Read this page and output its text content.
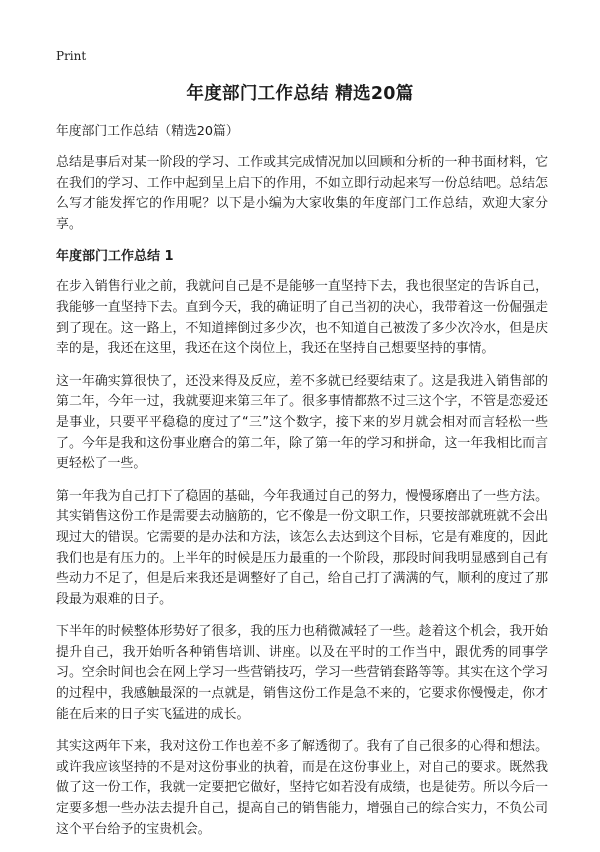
Print
年度部门工作总结 精选20篇

年度部门工作总结（精选20篇）

总结是事后对某一阶段的学习、工作或其完成情况加以回顾和分析的一种书面材料，它在我们的学习、工作中起到呈上启下的作用，不如立即行动起来写一份总结吧。总结怎么写才能发挥它的作用呢？以下是小编为大家收集的年度部门工作总结，欢迎大家分享。

年度部门工作总结 1

在步入销售行业之前，我就问自己是不是能够一直坚持下去，我也很坚定的告诉自己，我能够一直坚持下去。直到今天，我的确证明了自己当初的决心，我带着这一份倔强走到了现在。这一路上，不知道摔倒过多少次，也不知道自己被泼了多少次冷水，但是庆幸的是，我还在这里，我还在这个岗位上，我还在坚持自己想要坚持的事情。

这一年确实算很快了，还没来得及反应，差不多就已经要结束了。这是我进入销售部的第二年，今年一过，我就要迎来第三年了。很多事情都熬不过三这个字，不管是恋爱还是事业，只要平平稳稳的度过了“三”这个数字，接下来的岁月就会相对而言轻松一些了。今年是我和这份事业磨合的第二年，除了第一年的学习和拼命，这一年我相比而言更轻松了一些。

第一年我为自己打下了稳固的基础，今年我通过自己的努力，慢慢琢磨出了一些方法。其实销售这份工作是需要去动脑筋的，它不像是一份文职工作，只要按部就班就不会出现过大的错误。它需要的是办法和方法，该怎么去达到这个目标，它是有难度的，因此我们也是有压力的。上半年的时候是压力最重的一个阶段，那段时间我明显感到自己有些动力不足了，但是后来我还是调整好了自己，给自己打了满满的气，顺利的度过了那段最为艰难的日子。

下半年的时候整体形势好了很多，我的压力也稍微减轻了一些。趁着这个机会，我开始提升自己，我开始听各种销售培训、讲座。以及在平时的工作当中，跟优秀的同事学习。空余时间也会在网上学习一些营销技巧，学习一些营销套路等等。其实在这个学习的过程中，我感触最深的一点就是，销售这份工作是急不来的，它要求你慢慢走，你才能在后来的日子实飞猛进的成长。

其实这两年下来，我对这份工作也差不多了解透彻了。我有了自己很多的心得和想法。或许我应该坚持的不是对这份事业的执着，而是在这份事业上，对自己的要求。既然我做了这一份工作，我就一定要把它做好，坚持它如若没有成绩，也是徒劳。所以今后一定要多想一些办法去提升自己，提高自己的销售能力，增强自己的综合实力，不负公司这个平台给予的宝贵机会。
